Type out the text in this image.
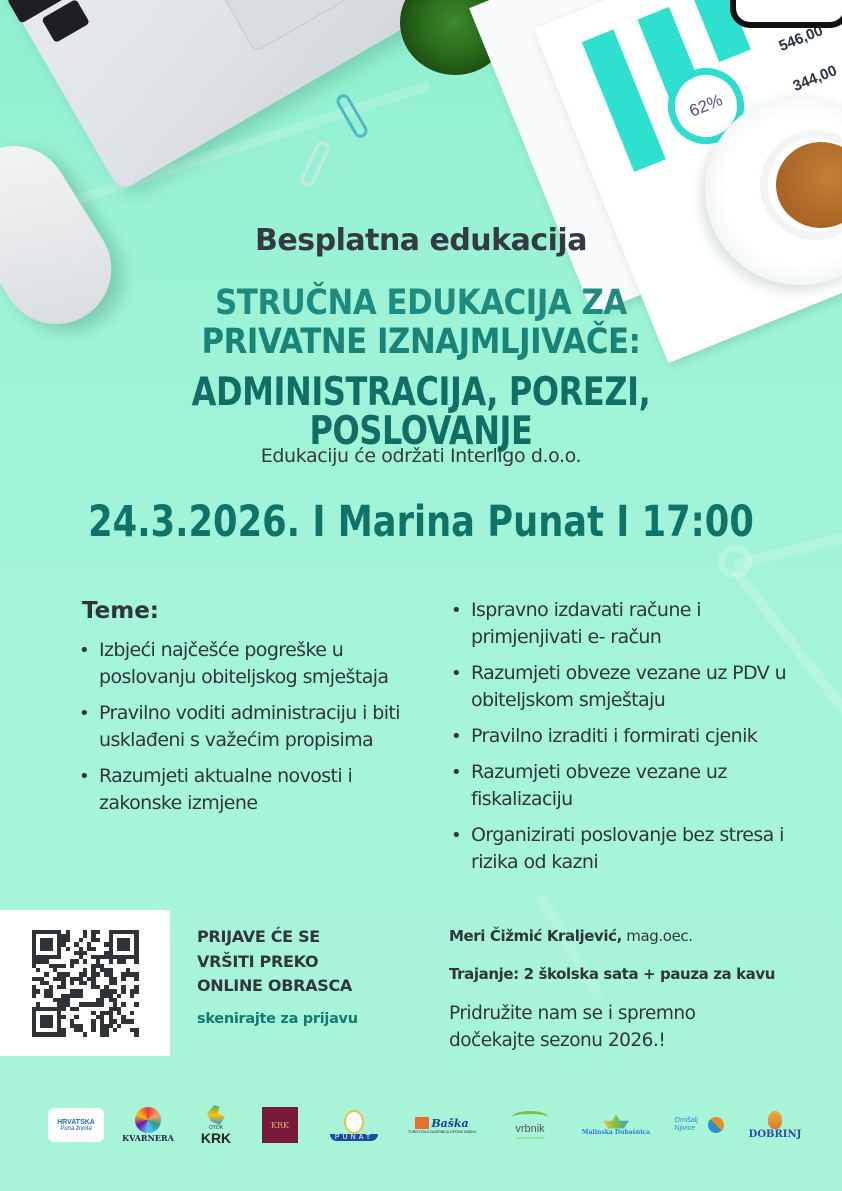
62%
546,00
344,00
Besplatna edukacija
STRUČNA EDUKACIJA ZA
PRIVATNE IZNAJMLJIVAČE:
ADMINISTRACIJA, POREZI, POSLOVANJE
Edukaciju će održati Interligo d.o.o.
24.3.2026. I Marina Punat I 17:00
Teme:
• Izbjeći najčešće pogreške u poslovanju obiteljskog smještaja
• Pravilno voditi administraciju i biti usklađeni s važećim propisima
• Razumjeti aktualne novosti i zakonske izmjene
• Ispravno izdavati račune i primjenjivati e- račun
• Razumjeti obveze vezane uz PDV u obiteljskom smještaju
• Pravilno izraditi i formirati cjenik
• Razumjeti obveze vezane uz fiskalizaciju
• Organizirati poslovanje bez stresa i rizika od kazni
PRIJAVE ĆE SE
VRŠITI PREKO
ONLINE OBRASCA
skenirajte za prijavu
Meri Čižmić Kraljević, mag.oec.
Trajanje: 2 školska sata + pauza za kavu
Pridružite nam se i spremno
dočekajte sezonu 2026.!
HRVATSKA
Puna života
KVARNERA
OTOK
KRK
KRK
PUNAT
Baška
TURISTIČKA ZAJEDNICA OPĆINE BAŠKA	vrbnik
vod vinom puka
Malinska Dubašnica
Omišalj Njivice	DOBRINJ
